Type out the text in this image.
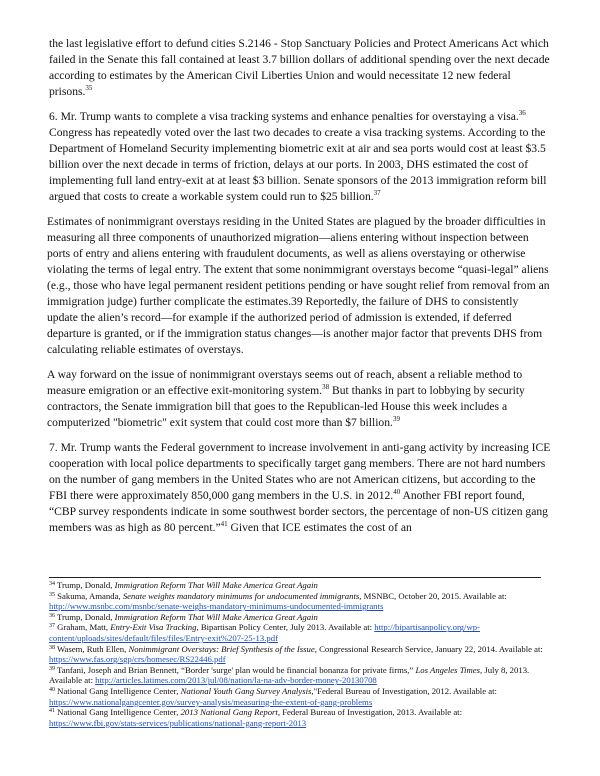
the last legislative effort to defund cities S.2146 - Stop Sanctuary Policies and Protect Americans Act which failed in the Senate this fall contained at least 3.7 billion dollars of additional spending over the next decade according to estimates by the American Civil Liberties Union and would necessitate 12 new federal prisons.$^{35}$

6. Mr. Trump wants to complete a visa tracking systems and enhance penalties for overstaying a visa.$^{36}$ Congress has repeatedly voted over the last two decades to create a visa tracking systems. According to the Department of Homeland Security implementing biometric exit at air and sea ports would cost at least $3.5 billion over the next decade in terms of friction, delays at our ports. In 2003, DHS estimated the cost of implementing full land entry-exit at at least $3 billion. Senate sponsors of the 2013 immigration reform bill argued that costs to create a workable system could run to $25 billion.$^{37}$

Estimates of nonimmigrant overstays residing in the United States are plagued by the broader difficulties in measuring all three components of unauthorized migration—aliens entering without inspection between ports of entry and aliens entering with fraudulent documents, as well as aliens overstaying or otherwise violating the terms of legal entry. The extent that some nonimmigrant overstays become “quasi-legal” aliens (e.g., those who have legal permanent resident petitions pending or have sought relief from removal from an immigration judge) further complicate the estimates.39 Reportedly, the failure of DHS to consistently update the alien’s record—for example if the authorized period of admission is extended, if deferred departure is granted, or if the immigration status changes—is another major factor that prevents DHS from calculating reliable estimates of overstays.

A way forward on the issue of nonimmigrant overstays seems out of reach, absent a reliable method to measure emigration or an effective exit-monitoring system.$^{38}$ But thanks in part to lobbying by security contractors, the Senate immigration bill that goes to the Republican-led House this week includes a computerized "biometric" exit system that could cost more than $7 billion.$^{39}$

7. Mr. Trump wants the Federal government to increase involvement in anti-gang activity by increasing ICE cooperation with local police departments to specifically target gang members. There are not hard numbers on the number of gang members in the United States who are not American citizens, but according to the FBI there were approximately 850,000 gang members in the U.S. in 2012.40 Another FBI report found, “CBP survey respondents indicate in some southwest border sectors, the percentage of non-US citizen gang members was as high as 80 percent.”$^{41}$ Given that ICE estimates the cost of an

$^{34}$ Trump, Donald, Immigration Reform That Will Make America Great Again

$^{35}$ Sakuma, Amanda, Senate weights mandatory minimums for undocumented immigrants, MSNBC, October 20, 2015. Available at: http://www.msnbc.com/msnbc/senate-weighs-mandatory-minimums-undocumented-immigrants

$^{36}$ Trump, Donald, Immigration Reform That Will Make America Great Again

$^{37}$ Graham, Matt, Entry-Exit Visa Tracking, Bipartisan Policy Center, July 2013. Available at: http://bipartisanpolicy.org/wp-content/uploads/sites/default/files/files/Entry-exit%207-25-13.pdf

$^{38}$ Wasem, Ruth Ellen, Nonimmigrant Overstays: Brief Synthesis of the Issue, Congressional Research Service, January 22, 2014. Available at: https://www.fas.org/sgp/crs/homesec/RS22446.pdf

$^{39}$ Tanfani, Joseph and Brian Bennett, “Border 'surge' plan would be financial bonanza for private firms,” Los Angeles Times, July 8, 2013. Available at: http://articles.latimes.com/2013/jul/08/nation/la-na-adv-border-money-20130708

$^{40}$ National Gang Intelligence Center, National Youth Gang Survey Analysis,"Federal Bureau of Investigation, 2012. Available at: https://www.nationalgangcenter.gov/survey-analysis/measuring-the-extent-of-gang-problems

$^{41}$ National Gang Intelligence Center, 2013 National Gang Report, Federal Bureau of Investigation, 2013. Available at: https://www.fbi.gov/stats-services/publications/national-gang-report-2013
